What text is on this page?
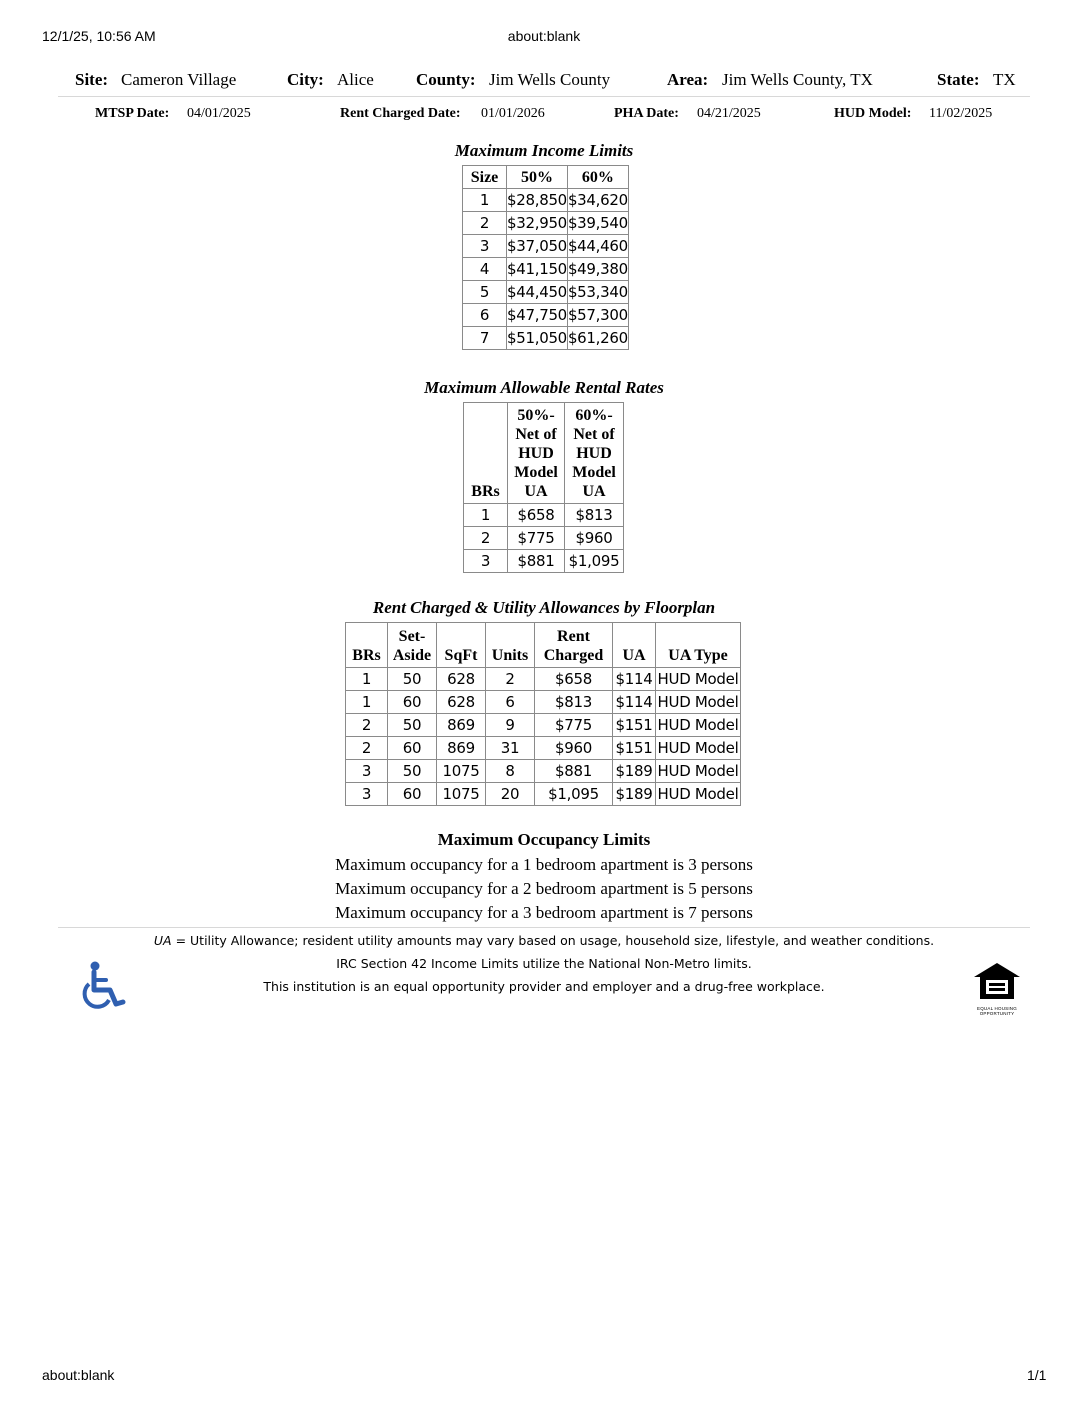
12/1/25, 10:56 AM	about:blank
Site: Cameron Village	City: Alice County: Jim Wells County	Area: Jim Wells County, TX	State: TX
MTSP Date: 04/01/2025	Rent Charged Date: 01/01/2026	PHA Date: 04/21/2025	HUD Model: 11/02/2025
Maximum Income Limits
Size	50%	60%
1	$28,850	$34,620
2	$32,950	$39,540
3	$37,050	$44,460
4	$41,150	$49,380
5	$44,450	$53,340
6	$47,750	$57,300
7	$51,050	$61,260
Maximum Allowable Rental Rates
BRs	50%- Net of HUD Model UA	60%- Net of HUD Model UA
1	$658	$813
2	$775	$960
3	$881	$1,095
Rent Charged & Utility Allowances by Floorplan
BRs	Set- Aside	SqFt	Units	Rent Charged	UA	UA Type
1	50	628	2	$658	$114	HUD Model
1	60	628	6	$813	$114	HUD Model
2	50	869	9	$775	$151	HUD Model
2	60	869	31	$960	$151	HUD Model
3	50	1075	8	$881	$189	HUD Model
3	60	1075	20	$1,095	$189	HUD Model
Maximum Occupancy Limits
Maximum occupancy for a 1 bedroom apartment is 3 persons
Maximum occupancy for a 2 bedroom apartment is 5 persons
Maximum occupancy for a 3 bedroom apartment is 7 persons
UA = Utility Allowance; resident utility amounts may vary based on usage, household size, lifestyle, and weather conditions.
IRC Section 42 Income Limits utilize the National Non-Metro limits.
This institution is an equal opportunity provider and employer and a drug-free workplace.
EQUAL HOUSING OPPORTUNITY
about:blank	1/1
